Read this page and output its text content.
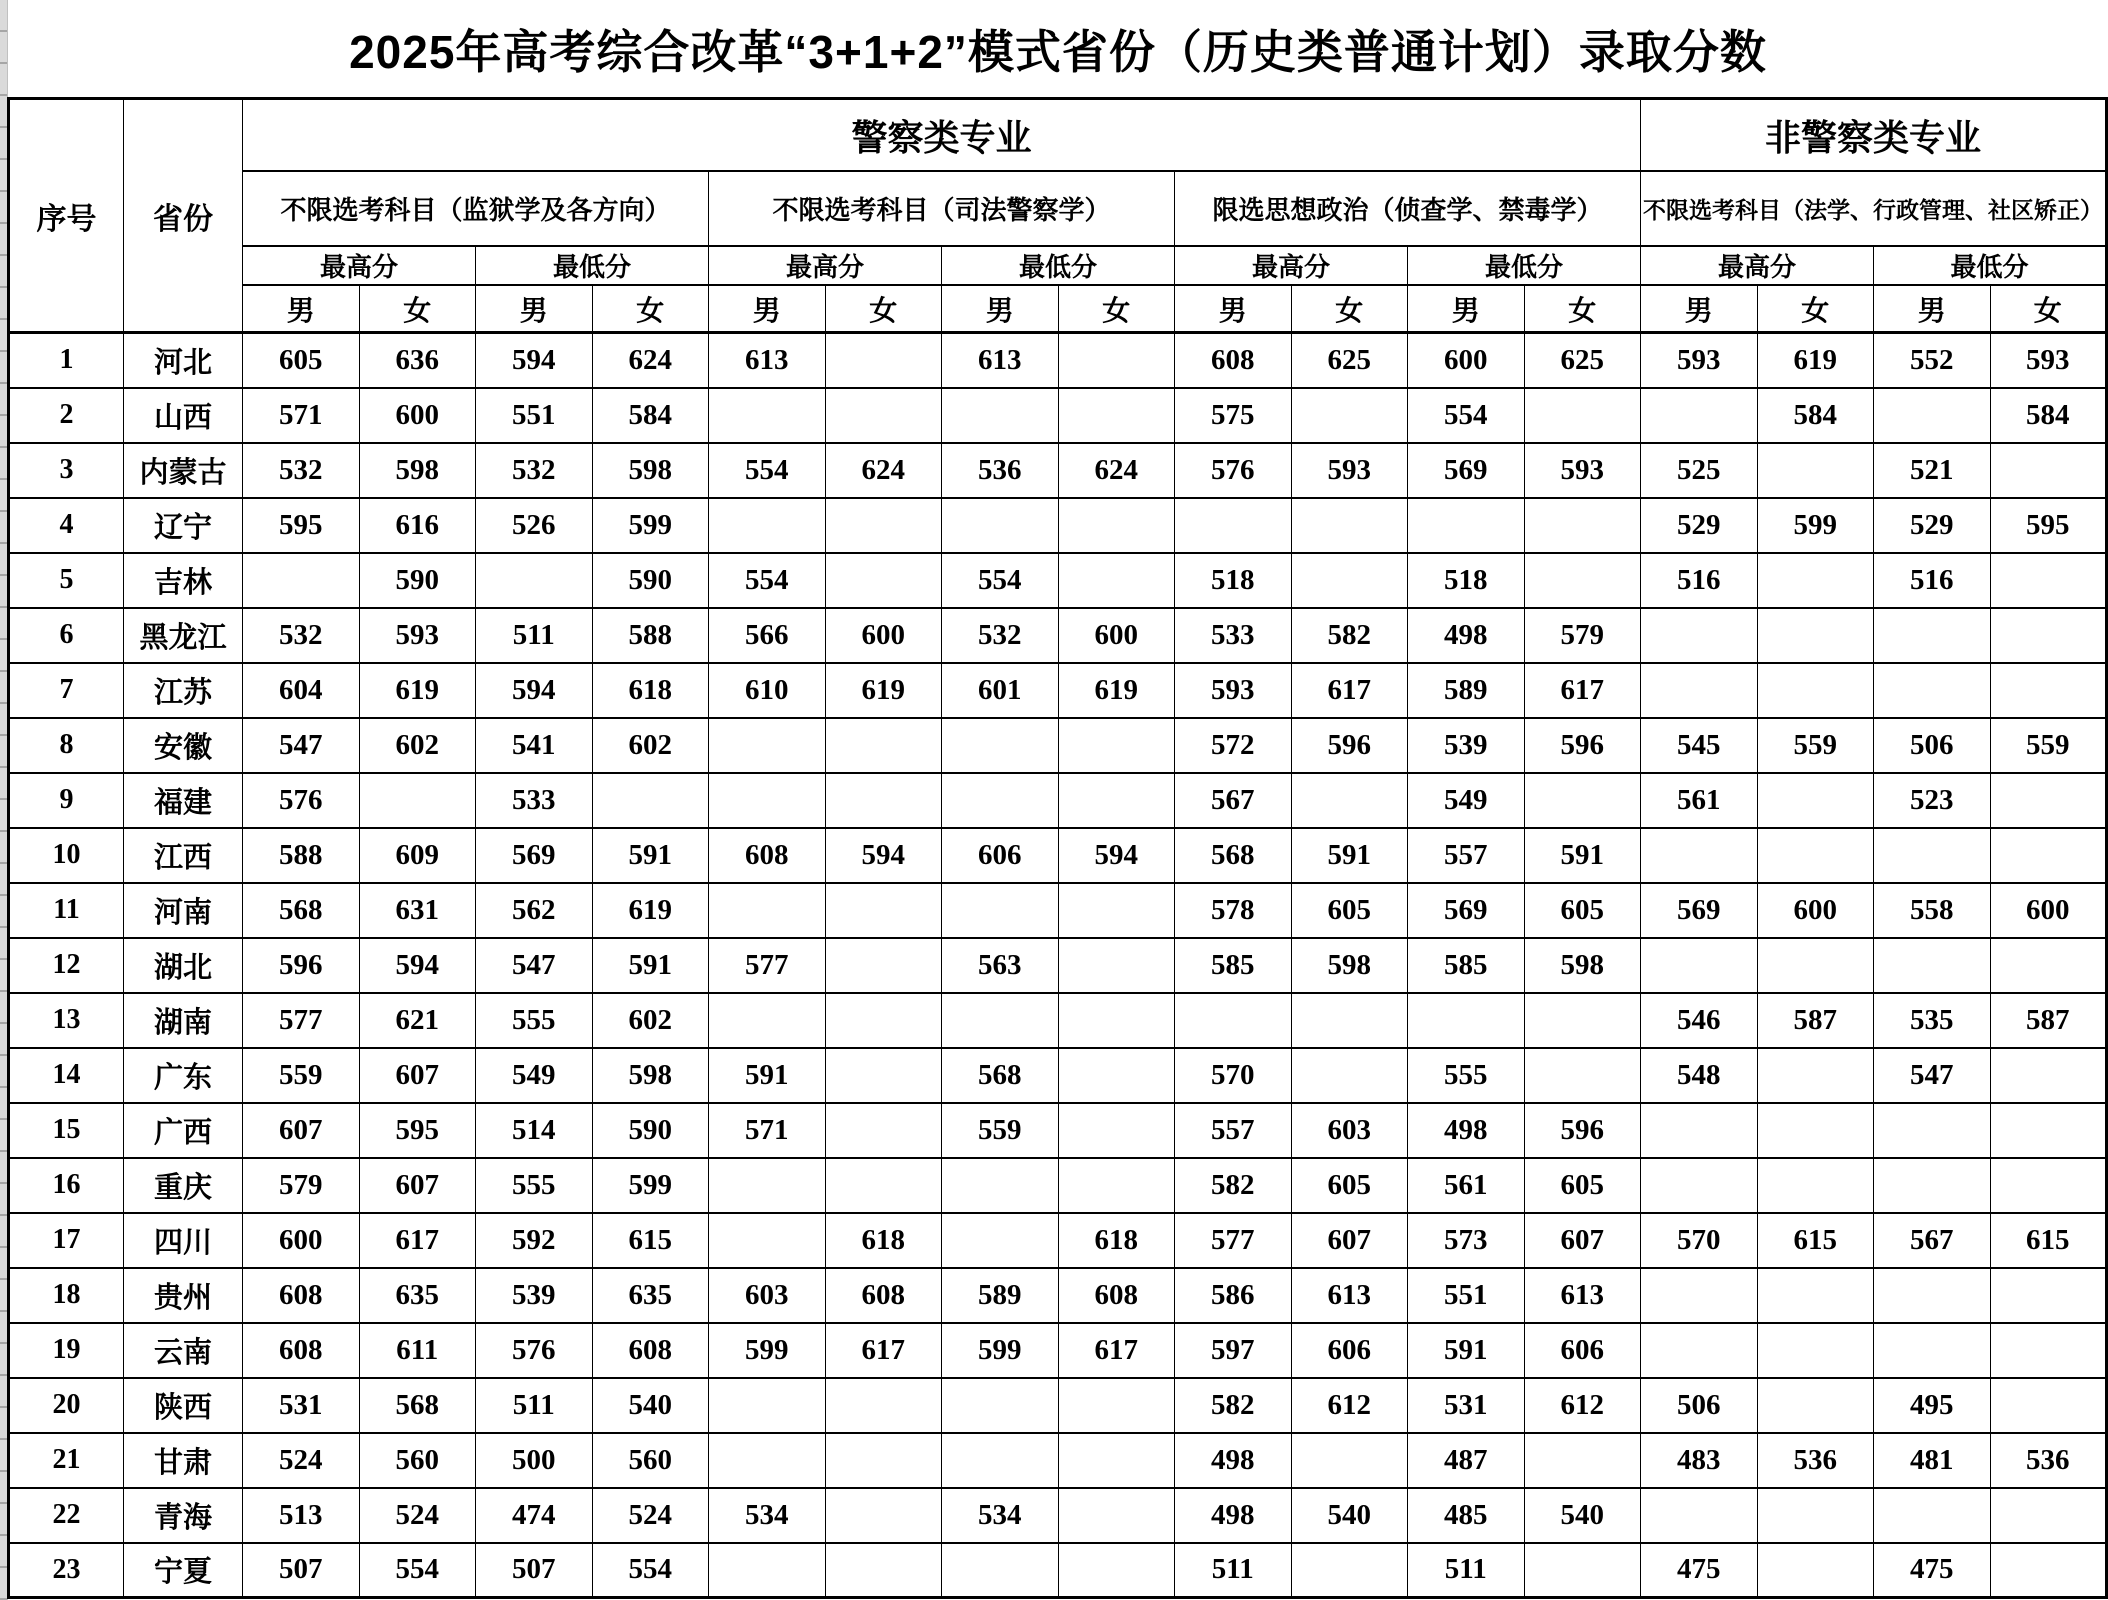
2025年高考综合改革“3+1+2”模式省份（历史类普通计划）录取分数
序号	省份	警察类专业												非警察类专业			
		不限选考科目（监狱学及各方向）				不限选考科目（司法警察学）				限选思想政治（侦查学、禁毒学）				不限选考科目（法学、行政管理、社区矫正）			
		最高分		最低分		最高分		最低分		最高分		最低分		最高分		最低分	
		男	女	男	女	男	女	男	女	男	女	男	女	男	女	男	女
1	河北	605	636	594	624	613		613		608	625	600	625	593	619	552	593
2	山西	571	600	551	584					575		554			584		584
3	内蒙古	532	598	532	598	554	624	536	624	576	593	569	593	525		521	
4	辽宁	595	616	526	599									529	599	529	595
5	吉林		590		590	554		554		518		518		516		516	
6	黑龙江	532	593	511	588	566	600	532	600	533	582	498	579				
7	江苏	604	619	594	618	610	619	601	619	593	617	589	617				
8	安徽	547	602	541	602					572	596	539	596	545	559	506	559
9	福建	576		533						567		549		561		523	
10	江西	588	609	569	591	608	594	606	594	568	591	557	591				
11	河南	568	631	562	619					578	605	569	605	569	600	558	600
12	湖北	596	594	547	591	577		563		585	598	585	598				
13	湖南	577	621	555	602									546	587	535	587
14	广东	559	607	549	598	591		568		570		555		548		547	
15	广西	607	595	514	590	571		559		557	603	498	596				
16	重庆	579	607	555	599					582	605	561	605				
17	四川	600	617	592	615		618		618	577	607	573	607	570	615	567	615
18	贵州	608	635	539	635	603	608	589	608	586	613	551	613				
19	云南	608	611	576	608	599	617	599	617	597	606	591	606				
20	陕西	531	568	511	540					582	612	531	612	506		495	
21	甘肃	524	560	500	560					498		487		483	536	481	536
22	青海	513	524	474	524	534		534		498	540	485	540				
23	宁夏	507	554	507	554					511		511		475		475	
